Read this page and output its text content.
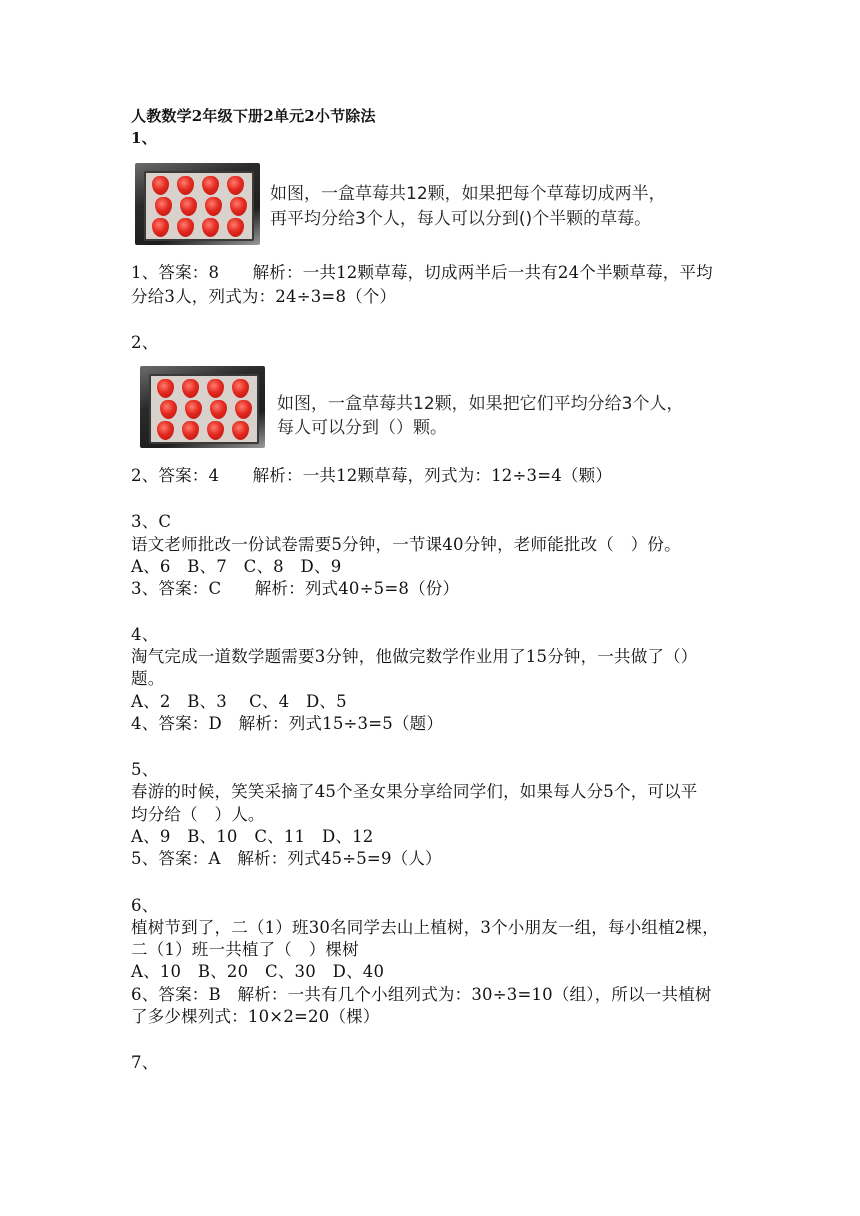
人教数学2年级下册2单元2小节除法
1、
如图，一盒草莓共12颗，如果把每个草莓切成两半，
再平均分给3个人，每人可以分到()个半颗的草莓。
1、答案：8　　解析：一共12颗草莓，切成两半后一共有24个半颗草莓，平均
分给3人，列式为：24÷3=8（个）
2、
如图，一盒草莓共12颗，如果把它们平均分给3个人，
每人可以分到（）颗。
2、答案：4　　解析：一共12颗草莓，列式为：12÷3=4（颗）
3、C
语文老师批改一份试卷需要5分钟，一节课40分钟，老师能批改（　）份。
A、6　B、7　C、8　D、9
3、答案：C　　解析：列式40÷5=8（份）
4、
淘气完成一道数学题需要3分钟，他做完数学作业用了15分钟，一共做了（）
题。
A、2　B、3　 C、4　D、5
4、答案：D　解析：列式15÷3=5（题）
5、
春游的时候，笑笑采摘了45个圣女果分享给同学们，如果每人分5个，可以平
均分给（　）人。
A、9　B、10　C、11　D、12
5、答案：A　解析：列式45÷5=9（人）
6、
植树节到了，二（1）班30名同学去山上植树，3个小朋友一组，每小组植2棵，
二（1）班一共植了（　）棵树
A、10　B、20　C、30　D、40
6、答案：B　解析：一共有几个小组列式为：30÷3=10（组），所以一共植树
了多少棵列式：10×2=20（棵）
7、
